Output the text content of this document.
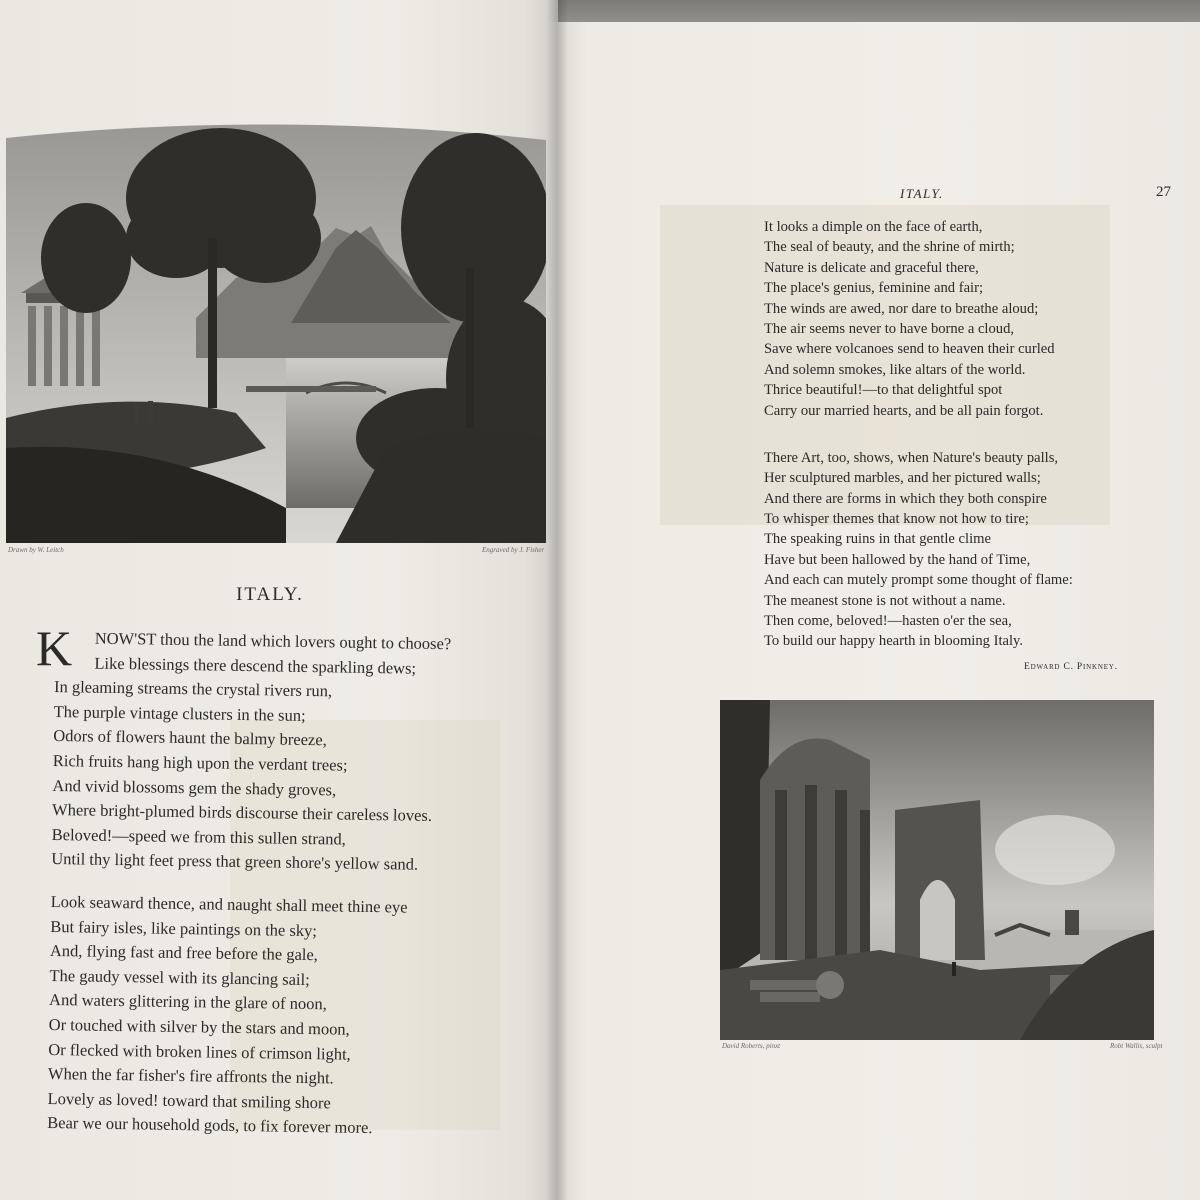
Drawn by W. Leitch	Engraved by J. Fisher
ITALY.
K	NOW'ST thou the land which lovers ought to choose?
Like blessings there descend the sparkling dews;
In gleaming streams the crystal rivers run,
The purple vintage clusters in the sun;
Odors of flowers haunt the balmy breeze,
Rich fruits hang high upon the verdant trees;
And vivid blossoms gem the shady groves,
Where bright-plumed birds discourse their careless loves.
Beloved!—speed we from this sullen strand,
Until thy light feet press that green shore's yellow sand.
Look seaward thence, and naught shall meet thine eye
But fairy isles, like paintings on the sky;
And, flying fast and free before the gale,
The gaudy vessel with its glancing sail;
And waters glittering in the glare of noon,
Or touched with silver by the stars and moon,
Or flecked with broken lines of crimson light,
When the far fisher's fire affronts the night.
Lovely as loved! toward that smiling shore
Bear we our household gods, to fix forever more.
ITALY.	27
It looks a dimple on the face of earth,
The seal of beauty, and the shrine of mirth;
Nature is delicate and graceful there,
The place's genius, feminine and fair;
The winds are awed, nor dare to breathe aloud;
The air seems never to have borne a cloud,
Save where volcanoes send to heaven their curled
And solemn smokes, like altars of the world.
Thrice beautiful!—to that delightful spot
Carry our married hearts, and be all pain forgot.
There Art, too, shows, when Nature's beauty palls,
Her sculptured marbles, and her pictured walls;
And there are forms in which they both conspire
To whisper themes that know not how to tire;
The speaking ruins in that gentle clime
Have but been hallowed by the hand of Time,
And each can mutely prompt some thought of flame:
The meanest stone is not without a name.
Then come, beloved!—hasten o'er the sea,
To build our happy hearth in blooming Italy.
Edward C. Pinkney.
David Roberts, pinxt	Robt Wallis, sculpt
